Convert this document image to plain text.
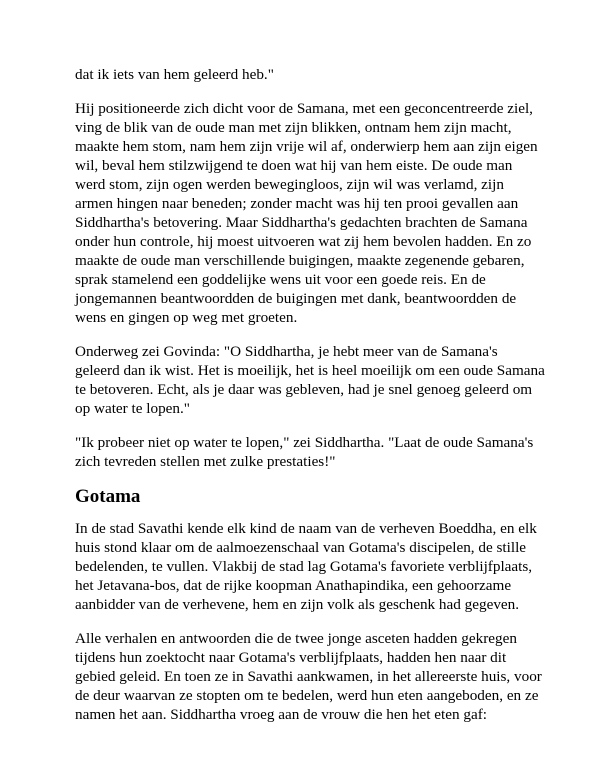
dat ik iets van hem geleerd heb."

Hij positioneerde zich dicht voor de Samana, met een geconcentreerde ziel, ving de blik van de oude man met zijn blikken, ontnam hem zijn macht, maakte hem stom, nam hem zijn vrije wil af, onderwierp hem aan zijn eigen wil, beval hem stilzwijgend te doen wat hij van hem eiste. De oude man werd stom, zijn ogen werden bewegingloos, zijn wil was verlamd, zijn armen hingen naar beneden; zonder macht was hij ten prooi gevallen aan Siddhartha's betovering. Maar Siddhartha's gedachten brachten de Samana onder hun controle, hij moest uitvoeren wat zij hem bevolen hadden. En zo maakte de oude man verschillende buigingen, maakte zegenende gebaren, sprak stamelend een goddelijke wens uit voor een goede reis. En de jongemannen beantwoordden de buigingen met dank, beantwoordden de wens en gingen op weg met groeten.

Onderweg zei Govinda: "O Siddhartha, je hebt meer van de Samana's geleerd dan ik wist. Het is moeilijk, het is heel moeilijk om een oude Samana te betoveren. Echt, als je daar was gebleven, had je snel genoeg geleerd om op water te lopen."

"Ik probeer niet op water te lopen," zei Siddhartha. "Laat de oude Samana's zich tevreden stellen met zulke prestaties!"

Gotama

In de stad Savathi kende elk kind de naam van de verheven Boeddha, en elk huis stond klaar om de aalmoezenschaal van Gotama's discipelen, de stille bedelenden, te vullen. Vlakbij de stad lag Gotama's favoriete verblijfplaats, het Jetavana-bos, dat de rijke koopman Anathapindika, een gehoorzame aanbidder van de verhevene, hem en zijn volk als geschenk had gegeven.

Alle verhalen en antwoorden die de twee jonge asceten hadden gekregen tijdens hun zoektocht naar Gotama's verblijfplaats, hadden hen naar dit gebied geleid. En toen ze in Savathi aankwamen, in het allereerste huis, voor de deur waarvan ze stopten om te bedelen, werd hun eten aangeboden, en ze namen het aan. Siddhartha vroeg aan de vrouw die hen het eten gaf:
